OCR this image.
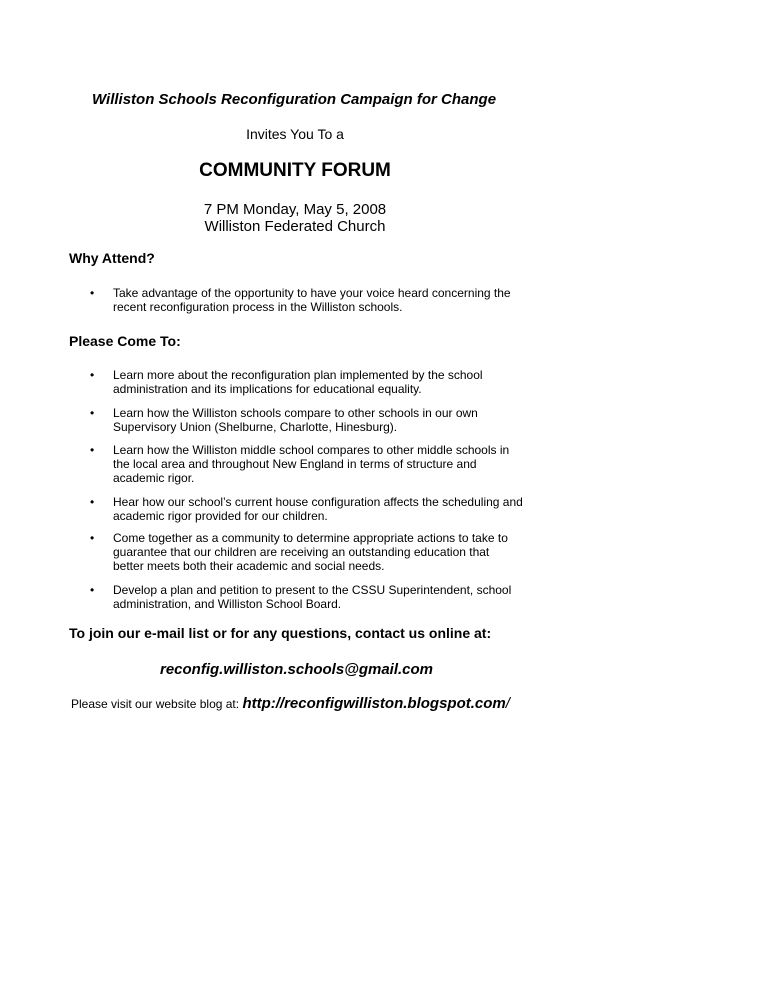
Williston Schools Reconfiguration Campaign for Change
Invites You To a
COMMUNITY FORUM
7 PM Monday, May 5, 2008
Williston Federated Church
Why Attend?
• Take advantage of the opportunity to have your voice heard concerning the recent reconfiguration process in the Williston schools.
Please Come To:
• Learn more about the reconfiguration plan implemented by the school administration and its implications for educational equality.
• Learn how the Williston schools compare to other schools in our own Supervisory Union (Shelburne, Charlotte, Hinesburg).
• Learn how the Williston middle school compares to other middle schools in the local area and throughout New England in terms of structure and academic rigor.
• Hear how our school’s current house configuration affects the scheduling and academic rigor provided for our children.
• Come together as a community to determine appropriate actions to take to guarantee that our children are receiving an outstanding education that better meets both their academic and social needs.
• Develop a plan and petition to present to the CSSU Superintendent, school administration, and Williston School Board.
To join our e-mail list or for any questions, contact us online at:
reconfig.williston.schools@gmail.com
Please visit our website blog at: http://reconfigwilliston.blogspot.com/
